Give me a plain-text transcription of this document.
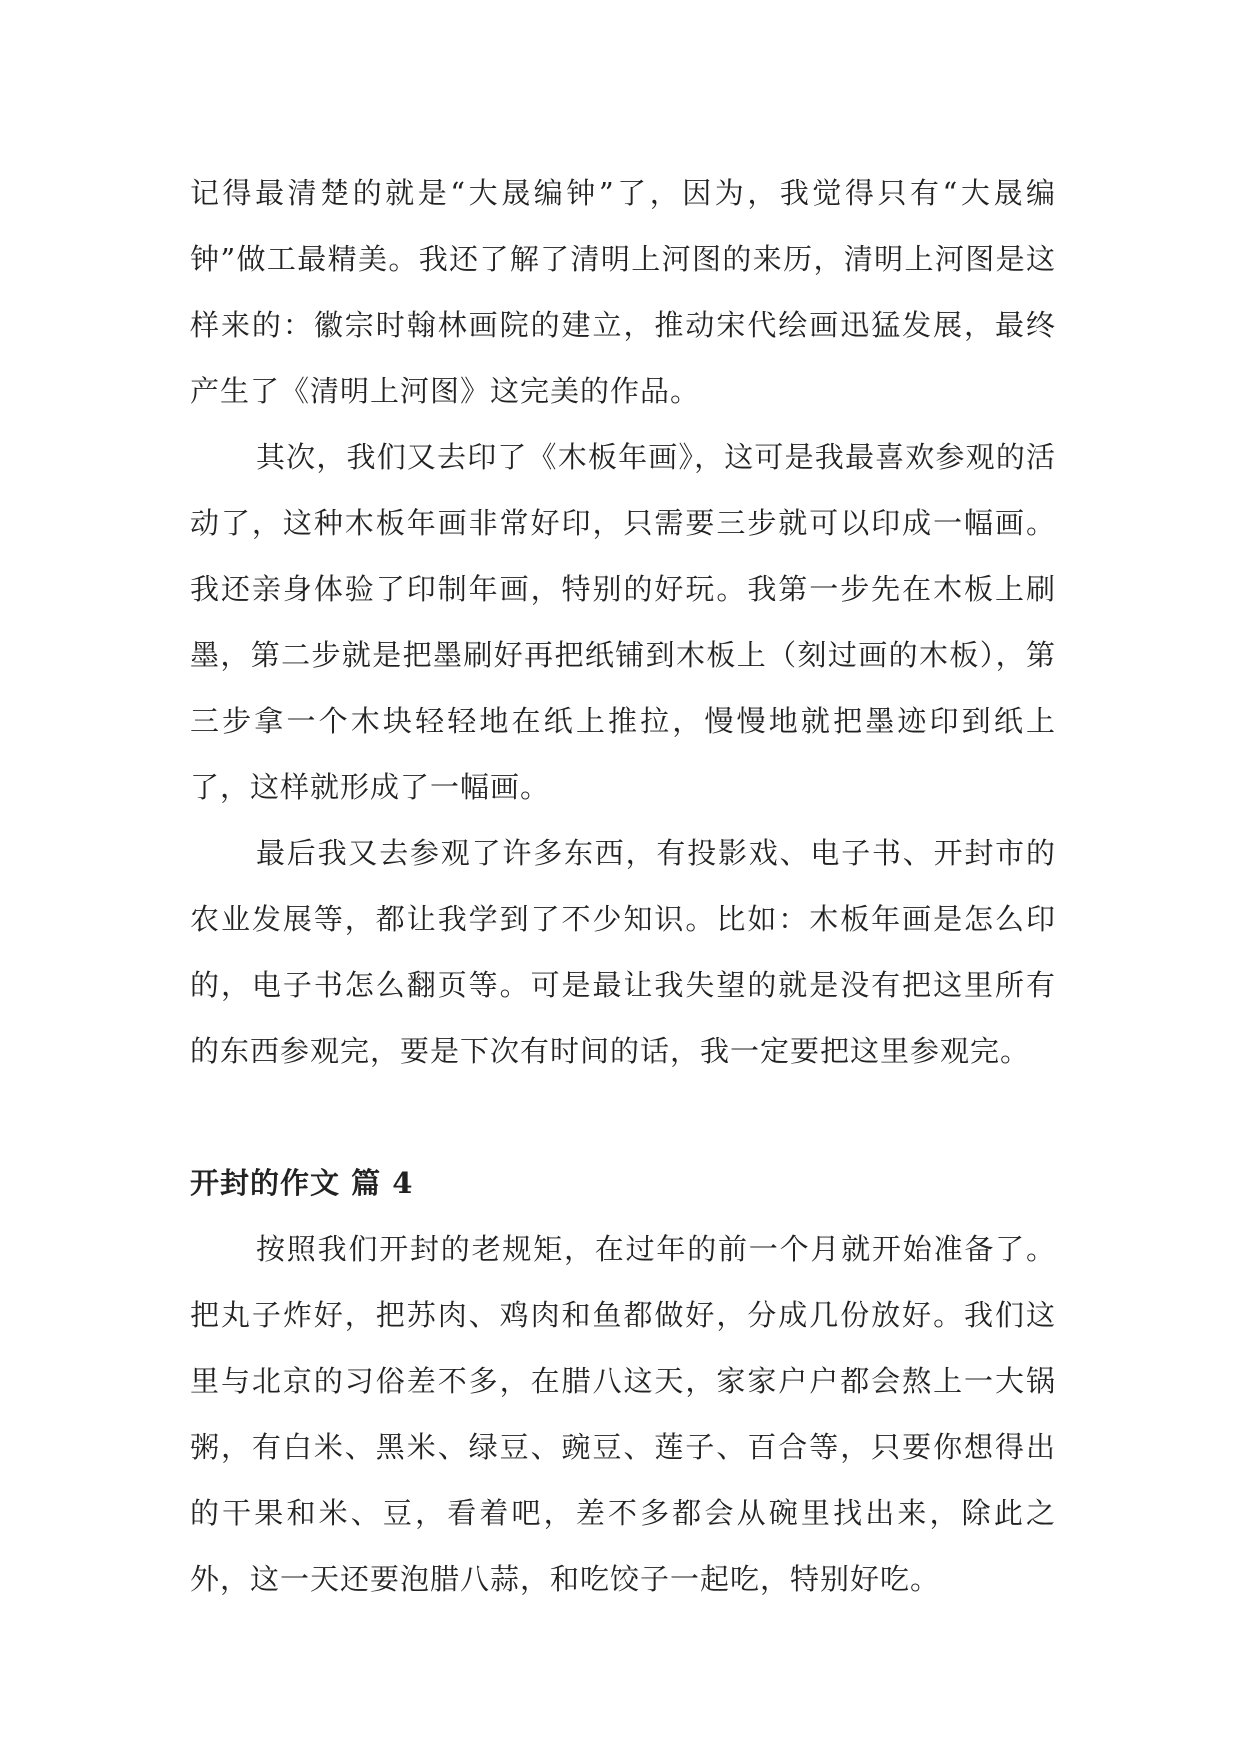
记得最清楚的就是“大晟编钟”了，因为，我觉得只有“大晟编钟”做工最精美。我还了解了清明上河图的来历，清明上河图是这样来的：徽宗时翰林画院的建立，推动宋代绘画迅猛发展，最终产生了《清明上河图》这完美的作品。

其次，我们又去印了《木板年画》，这可是我最喜欢参观的活动了，这种木板年画非常好印，只需要三步就可以印成一幅画。我还亲身体验了印制年画，特别的好玩。我第一步先在木板上刷墨，第二步就是把墨刷好再把纸铺到木板上（刻过画的木板），第三步拿一个木块轻轻地在纸上推拉，慢慢地就把墨迹印到纸上了，这样就形成了一幅画。

最后我又去参观了许多东西，有投影戏、电子书、开封市的农业发展等，都让我学到了不少知识。比如：木板年画是怎么印的，电子书怎么翻页等。可是最让我失望的就是没有把这里所有的东西参观完，要是下次有时间的话，我一定要把这里参观完。

开封的作文 篇 4

按照我们开封的老规矩，在过年的前一个月就开始准备了。把丸子炸好，把苏肉、鸡肉和鱼都做好，分成几份放好。我们这里与北京的习俗差不多，在腊八这天，家家户户都会熬上一大锅粥，有白米、黑米、绿豆、豌豆、莲子、百合等，只要你想得出的干果和米、豆，看着吧，差不多都会从碗里找出来，除此之外，这一天还要泡腊八蒜，和吃饺子一起吃，特别好吃。
